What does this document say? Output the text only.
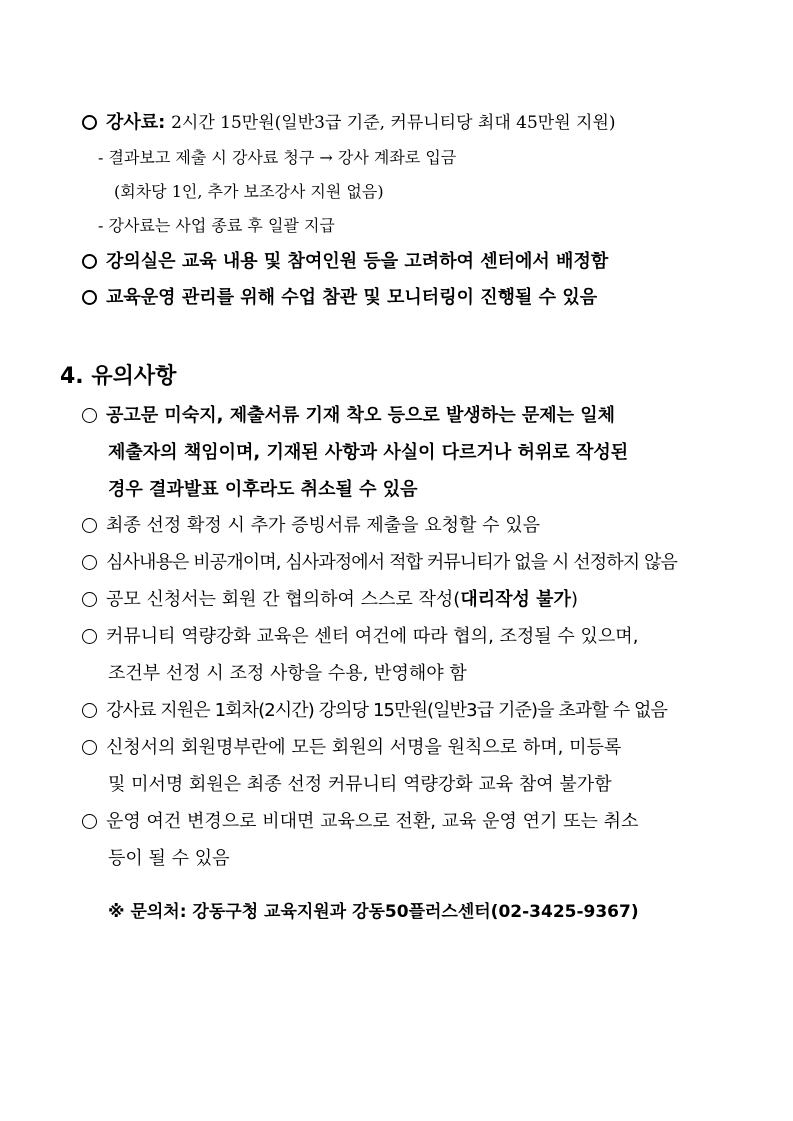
강사료: 2시간 15만원(일반3급 기준, 커뮤니티당 최대 45만원 지원)
- 결과보고 제출 시 강사료 청구 → 강사 계좌로 입금
(회차당 1인, 추가 보조강사 지원 없음)
- 강사료는 사업 종료 후 일괄 지급
강의실은 교육 내용 및 참여인원 등을 고려하여 센터에서 배정함
교육운영 관리를 위해 수업 참관 및 모니터링이 진행될 수 있음
4. 유의사항
공고문 미숙지, 제출서류 기재 착오 등으로 발생하는 문제는 일체
제출자의 책임이며, 기재된 사항과 사실이 다르거나 허위로 작성된
경우 결과발표 이후라도 취소될 수 있음
최종 선정 확정 시 추가 증빙서류 제출을 요청할 수 있음
심사내용은 비공개이며, 심사과정에서 적합 커뮤니티가 없을 시 선정하지 않음
공모 신청서는 회원 간 협의하여 스스로 작성(대리작성 불가)
커뮤니티 역량강화 교육은 센터 여건에 따라 협의, 조정될 수 있으며,
조건부 선정 시 조정 사항을 수용, 반영해야 함
강사료 지원은 1회차(2시간) 강의당 15만원(일반3급 기준)을 초과할 수 없음
신청서의 회원명부란에 모든 회원의 서명을 원칙으로 하며, 미등록
및 미서명 회원은 최종 선정 커뮤니티 역량강화 교육 참여 불가함
운영 여건 변경으로 비대면 교육으로 전환, 교육 운영 연기 또는 취소
등이 될 수 있음
※ 문의처: 강동구청 교육지원과 강동50플러스센터(02-3425-9367)
